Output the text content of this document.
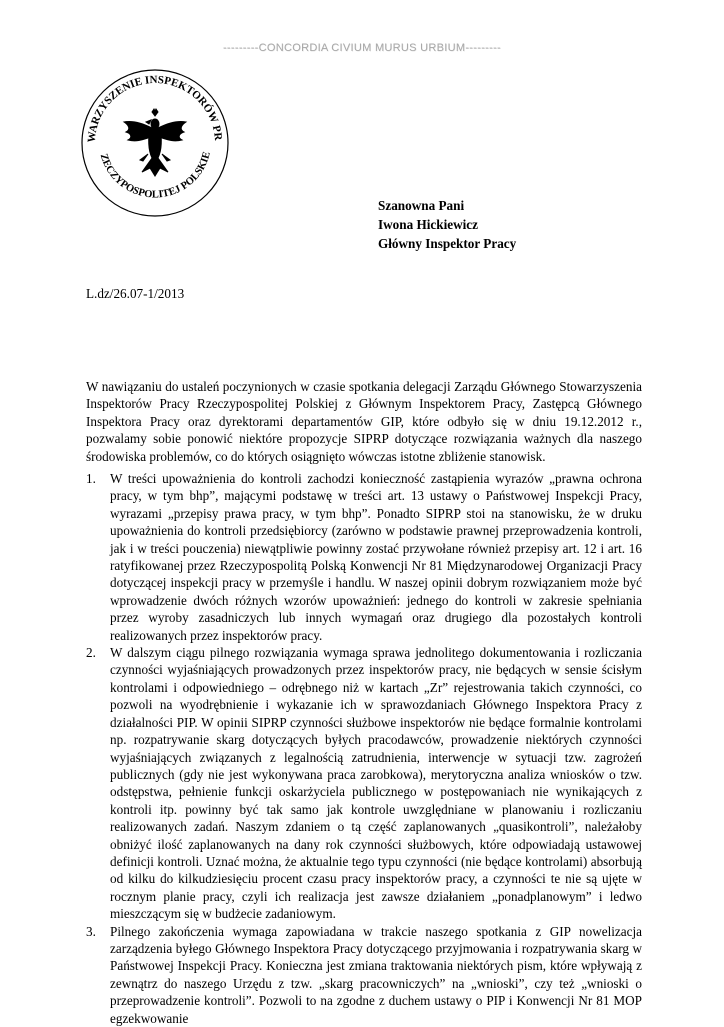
---------CONCORDIA CIVIUM MURUS URBIUM---------
WARZYSZENIE INSPEKTORÓW PR
ZECZYPOSPOLITEJ POLSKIE
Szanowna Pani
Iwona Hickiewicz
Główny Inspektor Pracy
L.dz/26.07-1/2013

W nawiązaniu do ustaleń poczynionych w czasie spotkania delegacji Zarządu Głównego Stowarzyszenia Inspektorów Pracy Rzeczypospolitej Polskiej z Głównym Inspektorem Pracy, Zastępcą Głównego Inspektora Pracy oraz dyrektorami departamentów GIP, które odbyło się w dniu 19.12.2012 r., pozwalamy sobie ponowić niektóre propozycje SIPRP dotyczące rozwiązania ważnych dla naszego środowiska problemów, co do których osiągnięto wówczas istotne zbliżenie stanowisk.

1. W treści upoważnienia do kontroli zachodzi konieczność zastąpienia wyrazów „prawna ochrona pracy, w tym bhp”, mającymi podstawę w treści art. 13 ustawy o Państwowej Inspekcji Pracy, wyrazami „przepisy prawa pracy, w tym bhp”. Ponadto SIPRP stoi na stanowisku, że w druku upoważnienia do kontroli przedsiębiorcy (zarówno w podstawie prawnej przeprowadzenia kontroli, jak i w treści pouczenia) niewątpliwie powinny zostać przywołane również przepisy art. 12 i art. 16 ratyfikowanej przez Rzeczypospolitą Polską Konwencji Nr 81 Międzynarodowej Organizacji Pracy dotyczącej inspekcji pracy w przemyśle i handlu. W naszej opinii dobrym rozwiązaniem może być wprowadzenie dwóch różnych wzorów upoważnień: jednego do kontroli w zakresie spełniania przez wyroby zasadniczych lub innych wymagań oraz drugiego dla pozostałych kontroli realizowanych przez inspektorów pracy.
2. W dalszym ciągu pilnego rozwiązania wymaga sprawa jednolitego dokumentowania i rozliczania czynności wyjaśniających prowadzonych przez inspektorów pracy, nie będących w sensie ścisłym kontrolami i odpowiedniego – odrębnego niż w kartach „Zr” rejestrowania takich czynności, co pozwoli na wyodrębnienie i wykazanie ich w sprawozdaniach Głównego Inspektora Pracy z działalności PIP. W opinii SIPRP czynności służbowe inspektorów nie będące formalnie kontrolami np. rozpatrywanie skarg dotyczących byłych pracodawców, prowadzenie niektórych czynności wyjaśniających związanych z legalnością zatrudnienia, interwencje w sytuacji tzw. zagrożeń publicznych (gdy nie jest wykonywana praca zarobkowa), merytoryczna analiza wniosków o tzw. odstępstwa, pełnienie funkcji oskarżyciela publicznego w postępowaniach nie wynikających z kontroli itp. powinny być tak samo jak kontrole uwzględniane w planowaniu i rozliczaniu realizowanych zadań. Naszym zdaniem o tą część zaplanowanych „quasikontroli”, należałoby obniżyć ilość zaplanowanych na dany rok czynności służbowych, które odpowiadają ustawowej definicji kontroli. Uznać można, że aktualnie tego typu czynności (nie będące kontrolami) absorbują od kilku do kilkudziesięciu procent czasu pracy inspektorów pracy, a czynności te nie są ujęte w rocznym planie pracy, czyli ich realizacja jest zawsze działaniem „ponadplanowym” i ledwo mieszczącym się w budżecie zadaniowym.
3. Pilnego zakończenia wymaga zapowiadana w trakcie naszego spotkania z GIP nowelizacja zarządzenia byłego Głównego Inspektora Pracy dotyczącego przyjmowania i rozpatrywania skarg w Państwowej Inspekcji Pracy. Konieczna jest zmiana traktowania niektórych pism, które wpływają z zewnątrz do naszego Urzędu z tzw. „skarg pracowniczych” na „wnioski”, czy też „wnioski o przeprowadzenie kontroli”. Pozwoli to na zgodne z duchem ustawy o PIP i Konwencji Nr 81 MOP egzekwowanie
